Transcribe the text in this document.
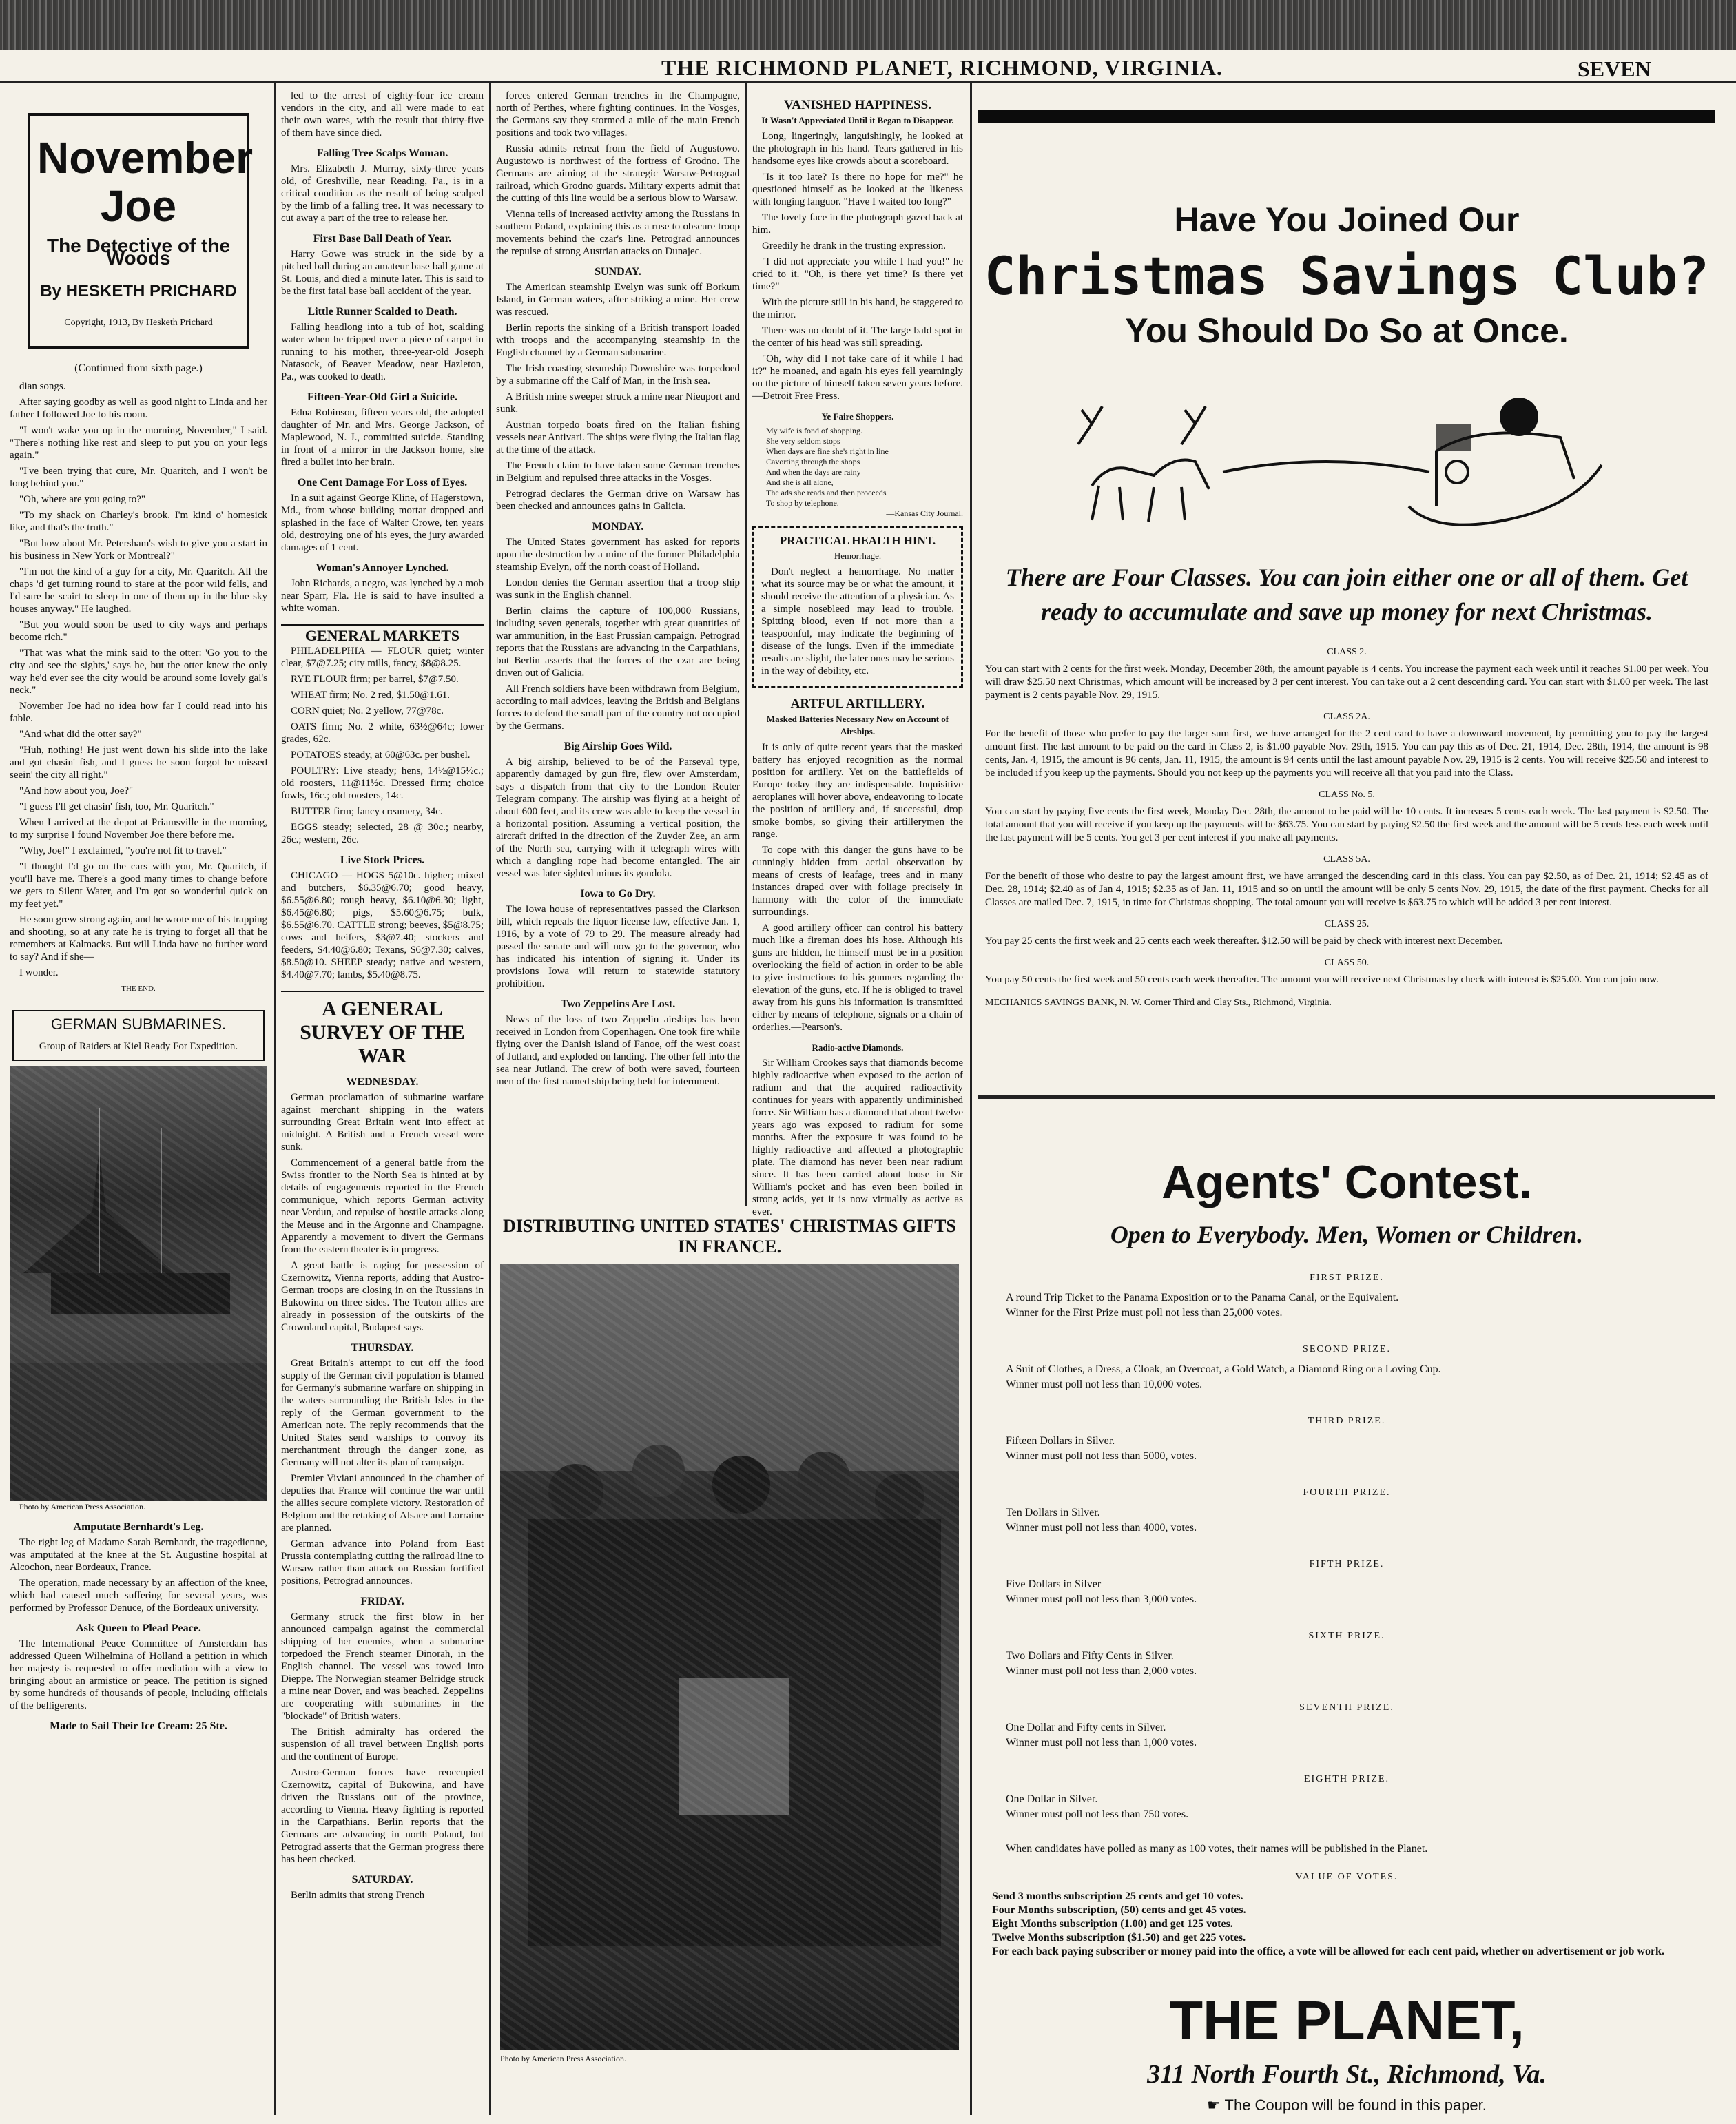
THE RICHMOND PLANET, RICHMOND, VIRGINIA.	SEVEN
November Joe
The Detective of the Woods
By HESKETH PRICHARD
Copyright, 1913, By Hesketh Prichard

(Continued from sixth page.)

dian songs.

After saying goodby as well as good night to Linda and her father I followed Joe to his room.

"I won't wake you up in the morning, November," I said. "There's nothing like rest and sleep to put you on your legs again."

"I've been trying that cure, Mr. Quaritch, and I won't be long behind you."

"Oh, where are you going to?"

"To my shack on Charley's brook. I'm kind o' homesick like, and that's the truth."

"But how about Mr. Petersham's wish to give you a start in his business in New York or Montreal?"

"I'm not the kind of a guy for a city, Mr. Quaritch. All the chaps 'd get turning round to stare at the poor wild fells, and I'd sure be scairt to sleep in one of them up in the blue sky houses anyway." He laughed.

"But you would soon be used to city ways and perhaps become rich."

"That was what the mink said to the otter: 'Go you to the city and see the sights,' says he, but the otter knew the only way he'd ever see the city would be around some lovely gal's neck."

November Joe had no idea how far I could read into his fable.

"And what did the otter say?"

"Huh, nothing! He just went down his slide into the lake and got chasin' fish, and I guess he soon forgot he missed seein' the city all right."

"And how about you, Joe?"

"I guess I'll get chasin' fish, too, Mr. Quaritch."

When I arrived at the depot at Priamsville in the morning, to my surprise I found November Joe there before me.

"Why, Joe!" I exclaimed, "you're not fit to travel."

"I thought I'd go on the cars with you, Mr. Quaritch, if you'll have me. There's a good many times to change before we gets to Silent Water, and I'm got so wonderful quick on my feet yet."

He soon grew strong again, and he wrote me of his trapping and shooting, so at any rate he is trying to forget all that he remembers at Kalmacks. But will Linda have no further word to say? And if she—

I wonder.

THE END.

GERMAN SUBMARINES.
Group of Raiders at Kiel Ready For Expedition.

Photo by American Press Association.

Amputate Bernhardt's Leg.

The right leg of Madame Sarah Bernhardt, the tragedienne, was amputated at the knee at the St. Augustine hospital at Alcochon, near Bordeaux, France.

The operation, made necessary by an affection of the knee, which had caused much suffering for several years, was performed by Professor Denuce, of the Bordeaux university.

Ask Queen to Plead Peace.

The International Peace Committee of Amsterdam has addressed Queen Wilhelmina of Holland a petition in which her majesty is requested to offer mediation with a view to bringing about an armistice or peace. The petition is signed by some hundreds of thousands of people, including officials of the belligerents.

Made to Sail Their Ice Cream: 25 Ste.

led to the arrest of eighty-four ice cream vendors in the city, and all were made to eat their own wares, with the result that thirty-five of them have since died.

Falling Tree Scalps Woman.

Mrs. Elizabeth J. Murray, sixty-three years old, of Greshville, near Reading, Pa., is in a critical condition as the result of being scalped by the limb of a falling tree. It was necessary to cut away a part of the tree to release her.

First Base Ball Death of Year.

Harry Gowe was struck in the side by a pitched ball during an amateur base ball game at St. Louis, and died a minute later. This is said to be the first fatal base ball accident of the year.

Little Runner Scalded to Death.

Falling headlong into a tub of hot, scalding water when he tripped over a piece of carpet in running to his mother, three-year-old Joseph Natasock, of Beaver Meadow, near Hazleton, Pa., was cooked to death.

Fifteen-Year-Old Girl a Suicide.

Edna Robinson, fifteen years old, the adopted daughter of Mr. and Mrs. George Jackson, of Maplewood, N. J., committed suicide. Standing in front of a mirror in the Jackson home, she fired a bullet into her brain.

One Cent Damage For Loss of Eyes.

In a suit against George Kline, of Hagerstown, Md., from whose building mortar dropped and splashed in the face of Walter Crowe, ten years old, destroying one of his eyes, the jury awarded damages of 1 cent.

Woman's Annoyer Lynched.

John Richards, a negro, was lynched by a mob near Sparr, Fla. He is said to have insulted a white woman.

GENERAL MARKETS

PHILADELPHIA — FLOUR quiet; winter clear, $7@7.25; city mills, fancy, $8@8.25.

RYE FLOUR firm; per barrel, $7@7.50.

WHEAT firm; No. 2 red, $1.50@1.61.

CORN quiet; No. 2 yellow, 77@78c.

OATS firm; No. 2 white, 63½@64c; lower grades, 62c.

POTATOES steady, at 60@63c. per bushel.

POULTRY: Live steady; hens, 14½@15½c.; old roosters, 11@11½c. Dressed firm; choice fowls, 16c.; old roosters, 14c.

BUTTER firm; fancy creamery, 34c.

EGGS steady; selected, 28 @ 30c.; nearby, 26c.; western, 26c.

Live Stock Prices.

CHICAGO — HOGS 5@10c. higher; mixed and butchers, $6.35@6.70; good heavy, $6.55@6.80; rough heavy, $6.10@6.30; light, $6.45@6.80; pigs, $5.60@6.75; bulk, $6.55@6.70. CATTLE strong; beeves, $5@8.75; cows and heifers, $3@7.40; stockers and feeders, $4.40@6.80; Texans, $6@7.30; calves, $8.50@10. SHEEP steady; native and western, $4.40@7.70; lambs, $5.40@8.75.

A GENERAL SURVEY OF THE WAR

WEDNESDAY.

German proclamation of submarine warfare against merchant shipping in the waters surrounding Great Britain went into effect at midnight. A British and a French vessel were sunk.

Commencement of a general battle from the Swiss frontier to the North Sea is hinted at by details of engagements reported in the French communique, which reports German activity near Verdun, and repulse of hostile attacks along the Meuse and in the Argonne and Champagne. Apparently a movement to divert the Germans from the eastern theater is in progress.

A great battle is raging for possession of Czernowitz, Vienna reports, adding that Austro-German troops are closing in on the Russians in Bukowina on three sides. The Teuton allies are already in possession of the outskirts of the Crownland capital, Budapest says.

THURSDAY.

Great Britain's attempt to cut off the food supply of the German civil population is blamed for Germany's submarine warfare on shipping in the waters surrounding the British Isles in the reply of the German government to the American note. The reply recommends that the United States send warships to convoy its merchantment through the danger zone, as Germany will not alter its plan of campaign.

Premier Viviani announced in the chamber of deputies that France will continue the war until the allies secure complete victory. Restoration of Belgium and the retaking of Alsace and Lorraine are planned.

German advance into Poland from East Prussia contemplating cutting the railroad line to Warsaw rather than attack on Russian fortified positions, Petrograd announces.

FRIDAY.

Germany struck the first blow in her announced campaign against the commercial shipping of her enemies, when a submarine torpedoed the French steamer Dinorah, in the English channel. The vessel was towed into Dieppe. The Norwegian steamer Belridge struck a mine near Dover, and was beached. Zeppelins are cooperating with submarines in the "blockade" of British waters.

The British admiralty has ordered the suspension of all travel between English ports and the continent of Europe.

Austro-German forces have reoccupied Czernowitz, capital of Bukowina, and have driven the Russians out of the province, according to Vienna. Heavy fighting is reported in the Carpathians. Berlin reports that the Germans are advancing in north Poland, but Petrograd asserts that the German progress there has been checked.

SATURDAY.

Berlin admits that strong French

forces entered German trenches in the Champagne, north of Perthes, where fighting continues. In the Vosges, the Germans say they stormed a mile of the main French positions and took two villages.

Russia admits retreat from the field of Augustowo. Augustowo is northwest of the fortress of Grodno. The Germans are aiming at the strategic Warsaw-Petrograd railroad, which Grodno guards. Military experts admit that the cutting of this line would be a serious blow to Warsaw.

Vienna tells of increased activity among the Russians in southern Poland, explaining this as a ruse to obscure troop movements behind the czar's line. Petrograd announces the repulse of strong Austrian attacks on Dunajec.

SUNDAY.

The American steamship Evelyn was sunk off Borkum Island, in German waters, after striking a mine. Her crew was rescued.

Berlin reports the sinking of a British transport loaded with troops and the accompanying steamship in the English channel by a German submarine.

The Irish coasting steamship Downshire was torpedoed by a submarine off the Calf of Man, in the Irish sea.

A British mine sweeper struck a mine near Nieuport and sunk.

Austrian torpedo boats fired on the Italian fishing vessels near Antivari. The ships were flying the Italian flag at the time of the attack.

The French claim to have taken some German trenches in Belgium and repulsed three attacks in the Vosges.

Petrograd declares the German drive on Warsaw has been checked and announces gains in Galicia.

MONDAY.

The United States government has asked for reports upon the destruction by a mine of the former Philadelphia steamship Evelyn, off the north coast of Holland.

London denies the German assertion that a troop ship was sunk in the English channel.

Berlin claims the capture of 100,000 Russians, including seven generals, together with great quantities of war ammunition, in the East Prussian campaign. Petrograd reports that the Russians are advancing in the Carpathians, but Berlin asserts that the forces of the czar are being driven out of Galicia.

All French soldiers have been withdrawn from Belgium, according to mail advices, leaving the British and Belgians forces to defend the small part of the country not occupied by the Germans.

Big Airship Goes Wild.

A big airship, believed to be of the Parseval type, apparently damaged by gun fire, flew over Amsterdam, says a dispatch from that city to the London Reuter Telegram company. The airship was flying at a height of about 600 feet, and its crew was able to keep the vessel in a horizontal position. Assuming a vertical position, the aircraft drifted in the direction of the Zuyder Zee, an arm of the North sea, carrying with it telegraph wires with which a dangling rope had become entangled. The air vessel was later sighted minus its gondola.

Iowa to Go Dry.

The Iowa house of representatives passed the Clarkson bill, which repeals the liquor license law, effective Jan. 1, 1916, by a vote of 79 to 29. The measure already had passed the senate and will now go to the governor, who has indicated his intention of signing it. Under its provisions Iowa will return to statewide statutory prohibition.

Two Zeppelins Are Lost.

News of the loss of two Zeppelin airships has been received in London from Copenhagen. One took fire while flying over the Danish island of Fanoe, off the west coast of Jutland, and exploded on landing. The other fell into the sea near Jutland. The crew of both were saved, fourteen men of the first named ship being held for internment.

DISTRIBUTING UNITED STATES' CHRISTMAS GIFTS IN FRANCE.

Photo by American Press Association.

VANISHED HAPPINESS.

It Wasn't Appreciated Until it Began to Disappear.

Long, lingeringly, languishingly, he looked at the photograph in his hand. Tears gathered in his handsome eyes like crowds about a scoreboard.

"Is it too late? Is there no hope for me?" he questioned himself as he looked at the likeness with longing languor. "Have I waited too long?"

The lovely face in the photograph gazed back at him.

Greedily he drank in the trusting expression.

"I did not appreciate you while I had you!" he cried to it. "Oh, is there yet time? Is there yet time?"

With the picture still in his hand, he staggered to the mirror.

There was no doubt of it. The large bald spot in the center of his head was still spreading.

"Oh, why did I not take care of it while I had it?" he moaned, and again his eyes fell yearningly on the picture of himself taken seven years before.—Detroit Free Press.

Ye Faire Shoppers.

My wife is fond of shopping.
She very seldom stops
When days are fine she's right in line
Cavorting through the shops
And when the days are rainy
And she is all alone,
The ads she reads and then proceeds
To shop by telephone.
—Kansas City Journal.

PRACTICAL HEALTH HINT.

Hemorrhage.

Don't neglect a hemorrhage. No matter what its source may be or what the amount, it should receive the attention of a physician. As a simple nosebleed may lead to trouble. Spitting blood, even if not more than a teaspoonful, may indicate the beginning of disease of the lungs. Even if the immediate results are slight, the later ones may be serious in the way of debility, etc.

ARTFUL ARTILLERY.

Masked Batteries Necessary Now on Account of Airships.

It is only of quite recent years that the masked battery has enjoyed recognition as the normal position for artillery. Yet on the battlefields of Europe today they are indispensable. Inquisitive aeroplanes will hover above, endeavoring to locate the position of artillery and, if successful, drop smoke bombs, so giving their artillerymen the range.

To cope with this danger the guns have to be cunningly hidden from aerial observation by means of crests of leafage, trees and in many instances draped over with foliage precisely in harmony with the color of the immediate surroundings.

A good artillery officer can control his battery much like a fireman does his hose. Although his guns are hidden, he himself must be in a position overlooking the field of action in order to be able to give instructions to his gunners regarding the elevation of the guns, etc. If he is obliged to travel away from his guns his information is transmitted either by means of telephone, signals or a chain of orderlies.—Pearson's.

Radio-active Diamonds.

Sir William Crookes says that diamonds become highly radioactive when exposed to the action of radium and that the acquired radioactivity continues for years with apparently undiminished force. Sir William has a diamond that about twelve years ago was exposed to radium for some months. After the exposure it was found to be highly radioactive and affected a photographic plate. The diamond has never been near radium since. It has been carried about loose in Sir William's pocket and has even been boiled in strong acids, yet it is now virtually as active as ever.

Have You Joined Our
Christmas Savings Club?
You Should Do So at Once.
There are Four Classes. You can join either one or all of them. Get ready to accumulate and save up money for next Christmas.
CLASS 2.

You can start with 2 cents for the first week. Monday, December 28th, the amount payable is 4 cents. You increase the payment each week until it reaches $1.00 per week. You will draw $25.50 next Christmas, which amount will be increased by 3 per cent interest. You can take out a 2 cent descending card. You can start with $1.00 per week. The last payment is 2 cents payable Nov. 29, 1915.

CLASS 2A.

For the benefit of those who prefer to pay the larger sum first, we have arranged for the 2 cent card to have a downward movement, by permitting you to pay the largest amount first. The last amount to be paid on the card in Class 2, is $1.00 payable Nov. 29th, 1915. You can pay this as of Dec. 21, 1914, Dec. 28th, 1914, the amount is 98 cents, Jan. 4, 1915, the amount is 96 cents, Jan. 11, 1915, the amount is 94 cents until the last amount payable Nov. 29, 1915 is 2 cents. You will receive $25.50 and interest to be included if you keep up the payments. Should you not keep up the payments you will receive all that you paid into the Class.

CLASS No. 5.

You can start by paying five cents the first week, Monday Dec. 28th, the amount to be paid will be 10 cents. It increases 5 cents each week. The last payment is $2.50. The total amount that you will receive if you keep up the payments will be $63.75. You can start by paying $2.50 the first week and the amount will be 5 cents less each week until the last payment will be 5 cents. You get 3 per cent interest if you make all payments.

CLASS 5A.

For the benefit of those who desire to pay the largest amount first, we have arranged the descending card in this class. You can pay $2.50, as of Dec. 21, 1914; $2.45 as of Dec. 28, 1914; $2.40 as of Jan 4, 1915; $2.35 as of Jan. 11, 1915 and so on until the amount will be only 5 cents Nov. 29, 1915, the date of the first payment. Checks for all Classes are mailed Dec. 7, 1915, in time for Christmas shopping. The total amount you will receive is $63.75 to which will be added 3 per cent interest.

CLASS 25.

You pay 25 cents the first week and 25 cents each week thereafter. $12.50 will be paid by check with interest next December.

CLASS 50.

You pay 50 cents the first week and 50 cents each week thereafter. The amount you will receive next Christmas by check with interest is $25.00. You can join now.

MECHANICS SAVINGS BANK, N. W. Corner Third and Clay Sts., Richmond, Virginia.

Agents' Contest.
Open to Everybody. Men, Women or Children.
FIRST PRIZE.
A round Trip Ticket to the Panama Exposition or to the Panama Canal, or the Equivalent.
Winner for the First Prize must poll not less than 25,000 votes.
SECOND PRIZE.
A Suit of Clothes, a Dress, a Cloak, an Overcoat, a Gold Watch, a Diamond Ring or a Loving Cup.
Winner must poll not less than 10,000 votes.
THIRD PRIZE.
Fifteen Dollars in Silver.
Winner must poll not less than 5000, votes.
FOURTH PRIZE.
Ten Dollars in Silver.
Winner must poll not less than 4000, votes.
FIFTH PRIZE.
Five Dollars in Silver
Winner must poll not less than 3,000 votes.
SIXTH PRIZE.
Two Dollars and Fifty Cents in Silver.
Winner must poll not less than 2,000 votes.
SEVENTH PRIZE.
One Dollar and Fifty cents in Silver.
Winner must poll not less than 1,000 votes.
EIGHTH PRIZE.
One Dollar in Silver.
Winner must poll not less than 750 votes.
When candidates have polled as many as 100 votes, their names will be published in the Planet.
VALUE OF VOTES.
Send 3 months subscription 25 cents and get 10 votes.
Four Months subscription, (50) cents and get 45 votes.
Eight Months subscription (1.00) and get 125 votes.
Twelve Months subscription ($1.50) and get 225 votes.
For each back paying subscriber or money paid into the office, a vote will be allowed for each cent paid, whether on advertisement or job work.
THE PLANET,
311 North Fourth St., Richmond, Va.
☛ The Coupon will be found in this paper.
